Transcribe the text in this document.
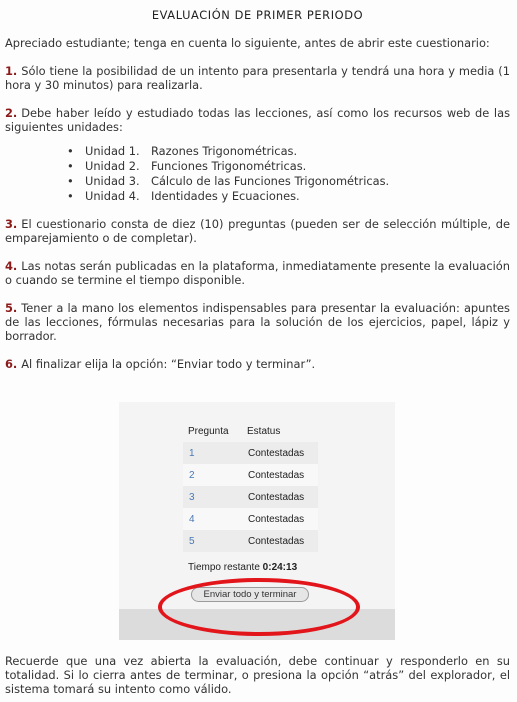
EVALUACIÓN DE PRIMER PERIODO

Apreciado estudiante; tenga en cuenta lo siguiente, antes de abrir este cuestionario:

1. Sólo tiene la posibilidad de un intento para presentarla y tendrá una hora y media (1 hora y 30 minutos) para realizarla.

2. Debe haber leído y estudiado todas las lecciones, así como los recursos web de las siguientes unidades:

• Unidad 1. Razones Trigonométricas.
• Unidad 2. Funciones Trigonométricas.
• Unidad 3. Cálculo de las Funciones Trigonométricas.
• Unidad 4. Identidades y Ecuaciones.

3. El cuestionario consta de diez (10) preguntas (pueden ser de selección múltiple, de emparejamiento o de completar).

4. Las notas serán publicadas en la plataforma, inmediatamente presente la evaluación o cuando se termine el tiempo disponible.

5. Tener a la mano los elementos indispensables para presentar la evaluación: apuntes de las lecciones, fórmulas necesarias para la solución de los ejercicios, papel, lápiz y borrador.

6. Al finalizar elija la opción: “Enviar todo y terminar”.

Pregunta	Estatus
1	Contestadas
2	Contestadas
3	Contestadas
4	Contestadas
5	Contestadas
Tiempo restante 0:24:13
Enviar todo y terminar

Recuerde que una vez abierta la evaluación, debe continuar y responderlo en su totalidad. Si lo cierra antes de terminar, o presiona la opción “atrás” del explorador, el sistema tomará su intento como válido.
